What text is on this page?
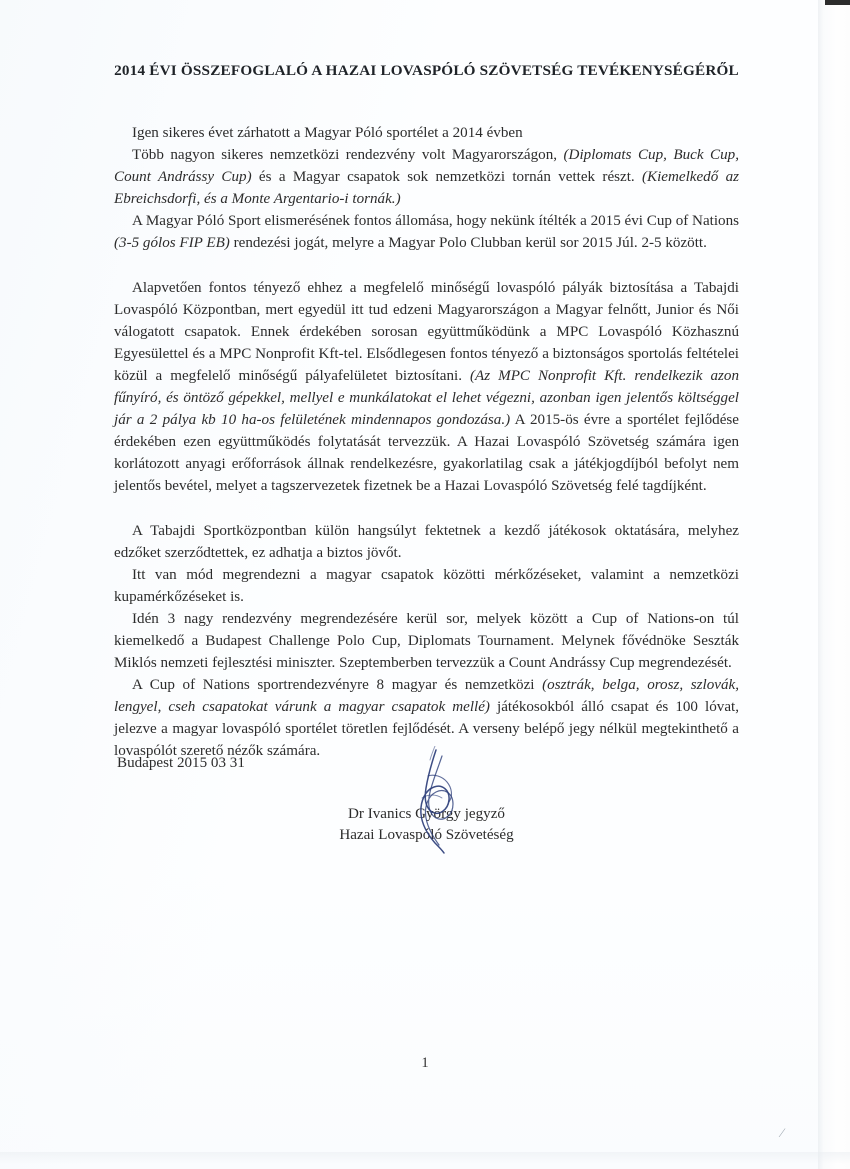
⁄
2014 ÉVI ÖSSZEFOGLALÓ A HAZAI LOVASPÓLÓ SZÖVETSÉG TEVÉKENYSÉGÉRŐL

Igen sikeres évet zárhatott a Magyar Póló sportélet a 2014 évben

Több nagyon sikeres nemzetközi rendezvény volt Magyarországon, (Diplomats Cup, Buck Cup, Count Andrássy Cup) és a Magyar csapatok sok nemzetközi tornán vettek részt. (Kiemelkedő az Ebreichsdorfi, és a Monte Argentario-i tornák.)

A Magyar Póló Sport elismerésének fontos állomása, hogy nekünk ítélték a 2015 évi Cup of Nations (3-5 gólos FIP EB) rendezési jogát, melyre a Magyar Polo Clubban kerül sor 2015 Júl. 2-5 között.

Alapvetően fontos tényező ehhez a megfelelő minőségű lovaspóló pályák biztosítása a Tabajdi Lovaspóló Központban, mert egyedül itt tud edzeni Magyarországon a Magyar felnőtt, Junior és Női válogatott csapatok. Ennek érdekében sorosan együttműködünk a MPC Lovaspóló Közhasznú Egyesülettel és a MPC Nonprofit Kft-tel. Elsődlegesen fontos tényező a biztonságos sportolás feltételei közül a megfelelő minőségű pályafelületet biztosítani. (Az MPC Nonprofit Kft. rendelkezik azon fűnyíró, és öntöző gépekkel, mellyel e munkálatokat el lehet végezni, azonban igen jelentős költséggel jár a 2 pálya kb 10 ha-os felületének mindennapos gondozása.) A 2015-ös évre a sportélet fejlődése érdekében ezen együttműködés folytatását tervezzük. A Hazai Lovaspóló Szövetség számára igen korlátozott anyagi erőforrások állnak rendelkezésre, gyakorlatilag csak a játékjogdíjból befolyt nem jelentős bevétel, melyet a tagszervezetek fizetnek be a Hazai Lovaspóló Szövetség felé tagdíjként.

A Tabajdi Sportközpontban külön hangsúlyt fektetnek a kezdő játékosok oktatására, melyhez edzőket szerződtettek, ez adhatja a biztos jövőt.

Itt van mód megrendezni a magyar csapatok közötti mérkőzéseket, valamint a nemzetközi kupamérkőzéseket is.

Idén 3 nagy rendezvény megrendezésére kerül sor, melyek között a Cup of Nations-on túl kiemelkedő a Budapest Challenge Polo Cup, Diplomats Tournament. Melynek fővédnöke Seszták Miklós nemzeti fejlesztési miniszter. Szeptemberben tervezzük a Count Andrássy Cup megrendezését.

A Cup of Nations sportrendezvényre 8 magyar és nemzetközi (osztrák, belga, orosz, szlovák, lengyel, cseh csapatokat várunk a magyar csapatok mellé) játékosokból álló csapat és 100 lóvat, jelezve a magyar lovaspóló sportélet töretlen fejlődését. A verseny belépő jegy nélkül megtekinthető a lovaspólót szerető nézők számára.

Budapest 2015 03 31

Dr Ivanics György jegyző
Hazai Lovaspóló Szövetéség
1
